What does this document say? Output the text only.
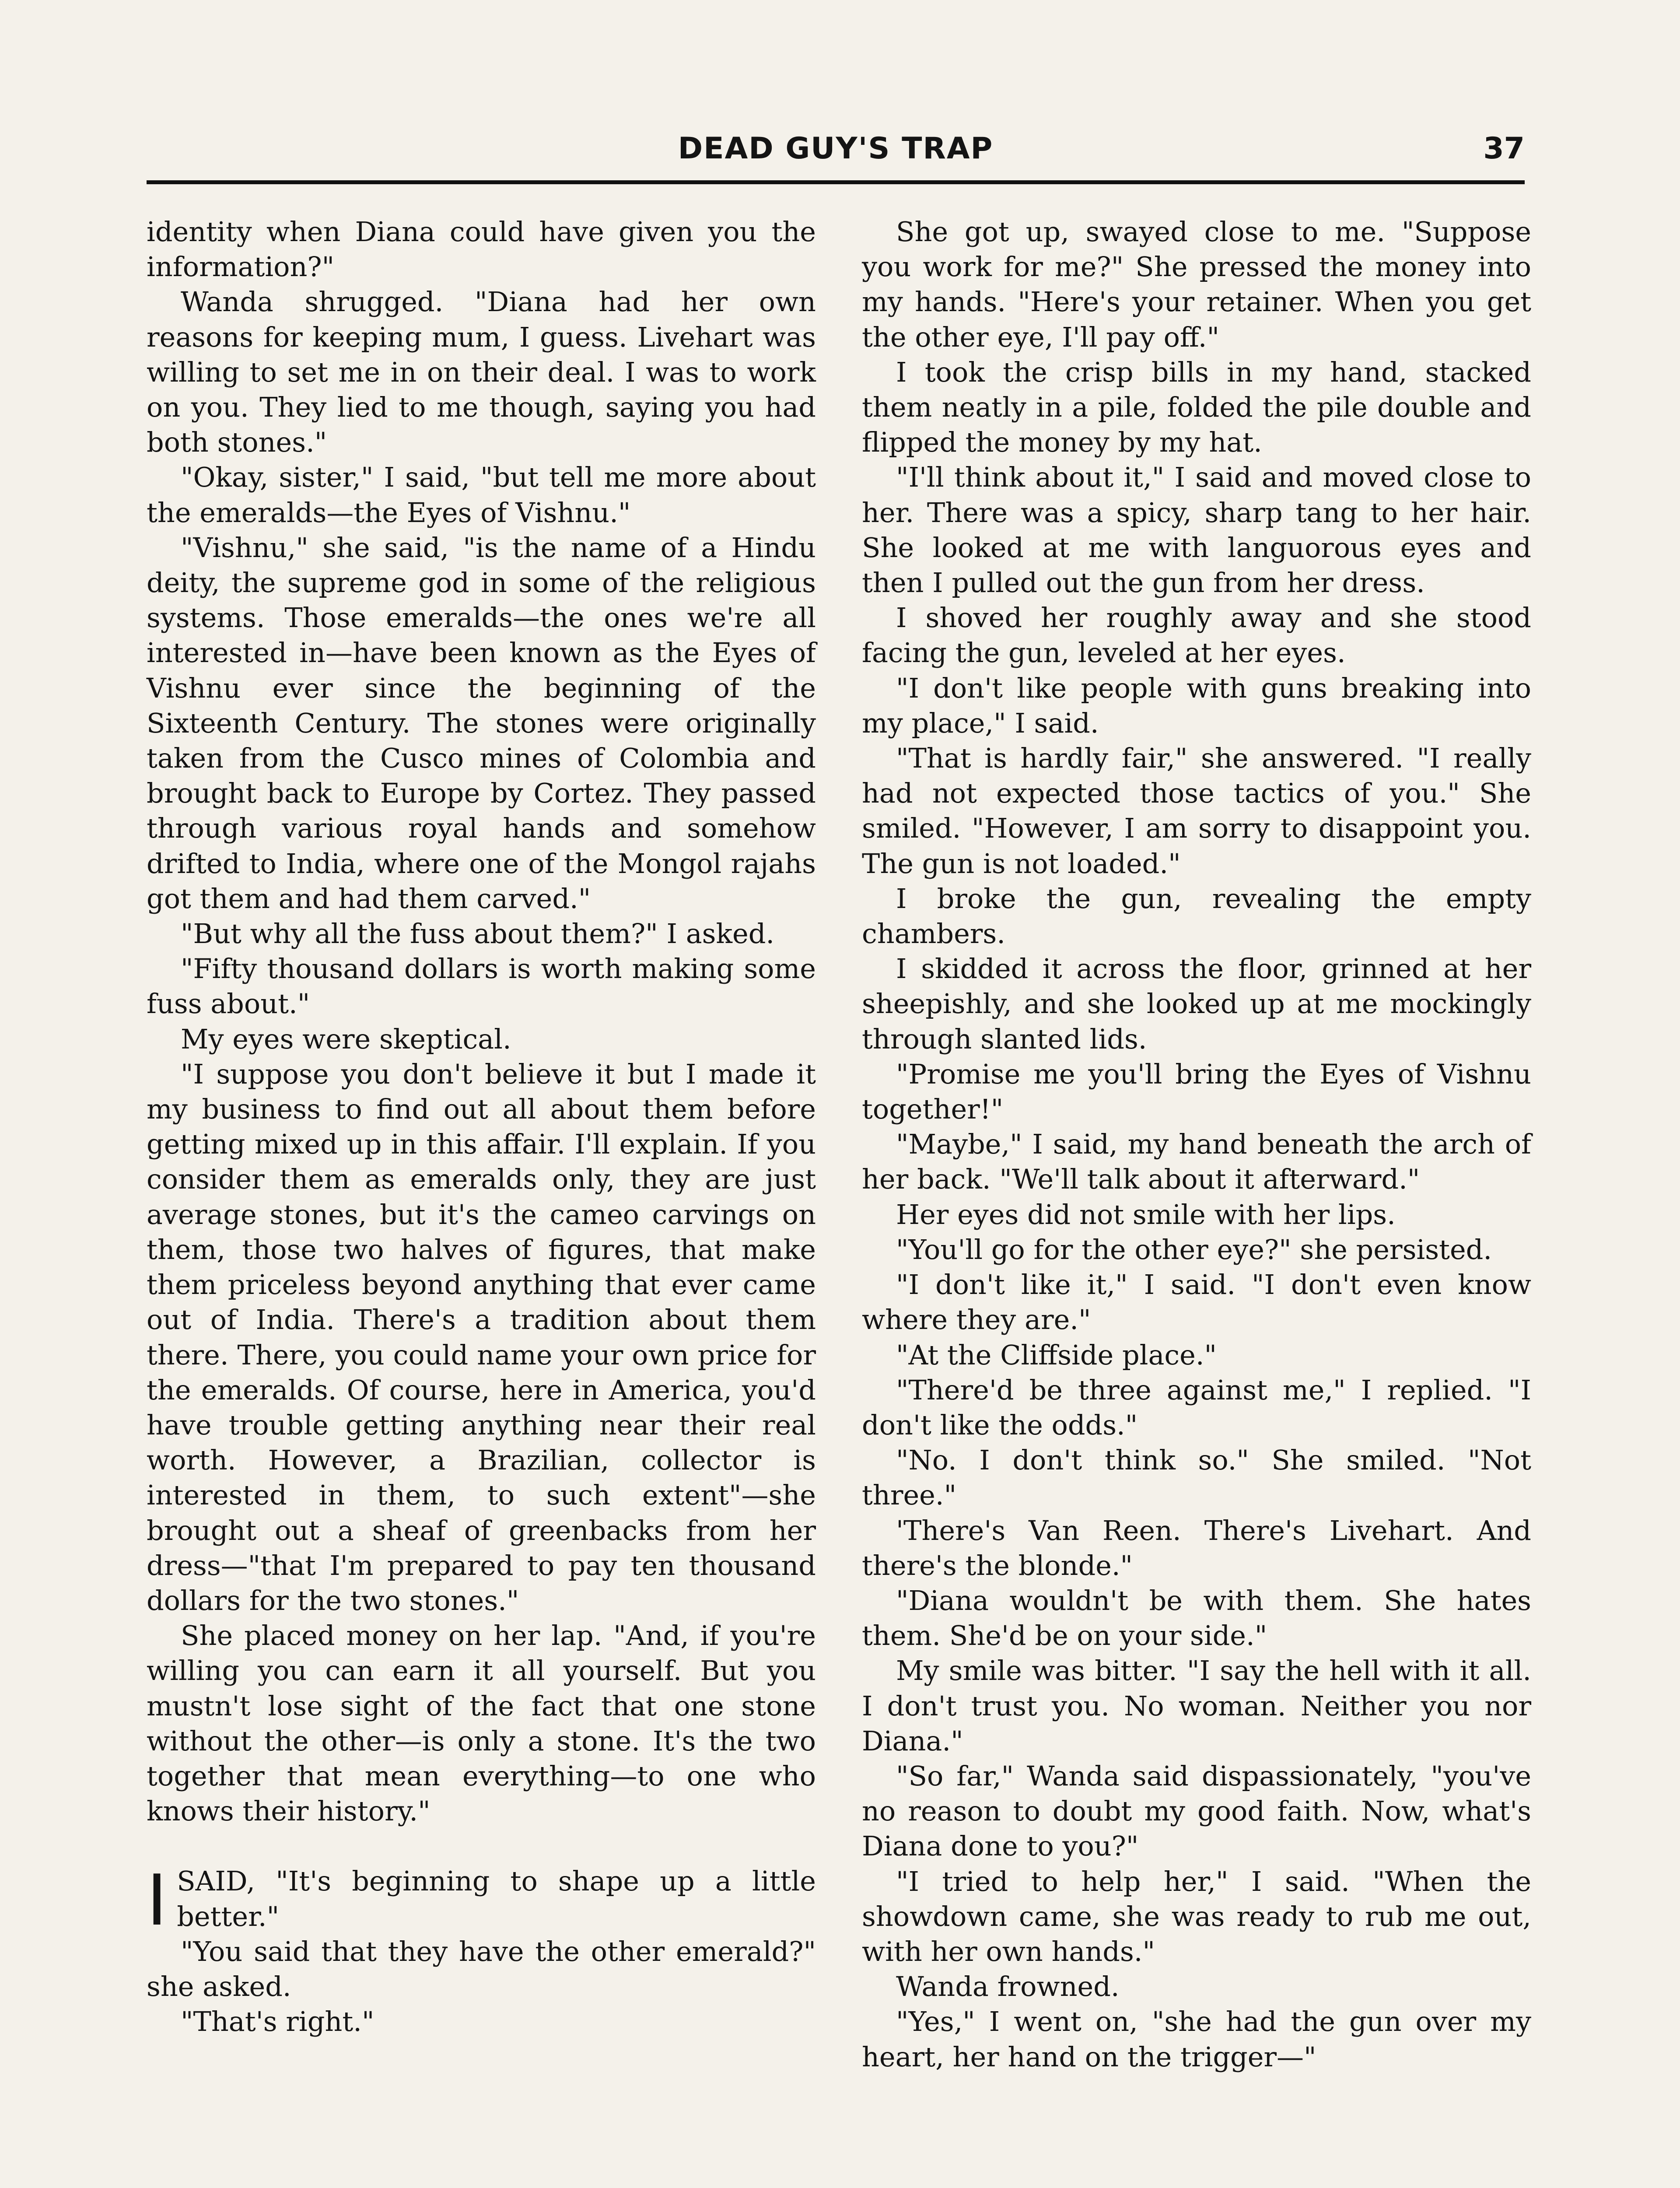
DEAD GUY'S TRAP	37

identity when Diana could have given you the information?"

Wanda shrugged. "Diana had her own reasons for keeping mum, I guess. Livehart was willing to set me in on their deal. I was to work on you. They lied to me though, saying you had both stones."

"Okay, sister," I said, "but tell me more about the emeralds—the Eyes of Vishnu."

"Vishnu," she said, "is the name of a Hindu deity, the supreme god in some of the religious systems. Those emeralds—the ones we're all interested in—have been known as the Eyes of Vishnu ever since the beginning of the Sixteenth Century. The stones were originally taken from the Cusco mines of Colombia and brought back to Europe by Cortez. They passed through various royal hands and somehow drifted to India, where one of the Mongol rajahs got them and had them carved."

"But why all the fuss about them?" I asked.

"Fifty thousand dollars is worth making some fuss about."

My eyes were skeptical.

"I suppose you don't believe it but I made it my business to find out all about them before getting mixed up in this affair. I'll explain. If you consider them as emeralds only, they are just average stones, but it's the cameo carvings on them, those two halves of figures, that make them priceless beyond anything that ever came out of India. There's a tradition about them there. There, you could name your own price for the emeralds. Of course, here in America, you'd have trouble getting anything near their real worth. However, a Brazilian, collector is interested in them, to such extent"—she brought out a sheaf of greenbacks from her dress—"that I'm prepared to pay ten thousand dollars for the two stones."

She placed money on her lap. "And, if you're willing you can earn it all yourself. But you mustn't lose sight of the fact that one stone without the other—is only a stone. It's the two together that mean everything—to one who knows their history."

I SAID, "It's beginning to shape up a little better."

"You said that they have the other emerald?" she asked.

"That's right."

She got up, swayed close to me. "Suppose you work for me?" She pressed the money into my hands. "Here's your retainer. When you get the other eye, I'll pay off."

I took the crisp bills in my hand, stacked them neatly in a pile, folded the pile double and flipped the money by my hat.

"I'll think about it," I said and moved close to her. There was a spicy, sharp tang to her hair. She looked at me with languorous eyes and then I pulled out the gun from her dress.

I shoved her roughly away and she stood facing the gun, leveled at her eyes.

"I don't like people with guns breaking into my place," I said.

"That is hardly fair," she answered. "I really had not expected those tactics of you." She smiled. "However, I am sorry to disappoint you. The gun is not loaded."

I broke the gun, revealing the empty chambers.

I skidded it across the floor, grinned at her sheepishly, and she looked up at me mockingly through slanted lids.

"Promise me you'll bring the Eyes of Vishnu together!"

"Maybe," I said, my hand beneath the arch of her back. "We'll talk about it afterward."

Her eyes did not smile with her lips.

"You'll go for the other eye?" she persisted.

"I don't like it," I said. "I don't even know where they are."

"At the Cliffside place."

"There'd be three against me," I replied. "I don't like the odds."

"No. I don't think so." She smiled. "Not three."

'There's Van Reen. There's Livehart. And there's the blonde."

"Diana wouldn't be with them. She hates them. She'd be on your side."

My smile was bitter. "I say the hell with it all. I don't trust you. No woman. Neither you nor Diana."

"So far," Wanda said dispassionately, "you've no reason to doubt my good faith. Now, what's Diana done to you?"

"I tried to help her," I said. "When the showdown came, she was ready to rub me out, with her own hands."

Wanda frowned.

"Yes," I went on, "she had the gun over my heart, her hand on the trigger—"
